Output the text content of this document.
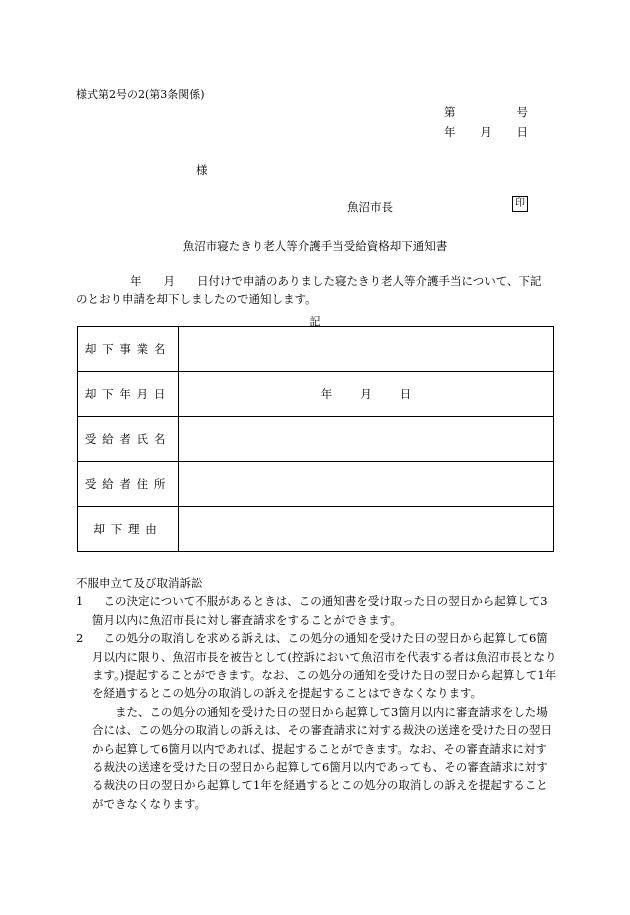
様式第2号の2(第3条関係)
第	号
年 月 日
様
魚沼市長	印
魚沼市寝たきり老人等介護手当受給資格却下通知書
年 月 日付けで申請のありました寝たきり老人等介護手当について、下記
のとおり申請を却下しましたので通知します。
記
却下事業名	
却下年月日	年 月 日

受給者氏名	
受給者住所	
却下理由	
不服申立て及び取消訴訟
1	この決定について不服があるときは、この通知書を受け取った日の翌日から起算して3箇月以内に魚沼市長に対し審査請求をすることができます。
2	この処分の取消しを求める訴えは、この処分の通知を受けた日の翌日から起算して6箇月以内に限り、魚沼市長を被告として(控訴において魚沼市を代表する者は魚沼市長となります。)提起することができます。なお、この処分の通知を受けた日の翌日から起算して1年を経過するとこの処分の取消しの訴えを提起することはできなくなります。
また、この処分の通知を受けた日の翌日から起算して3箇月以内に審査請求をした場合には、この処分の取消しの訴えは、その審査請求に対する裁決の送達を受けた日の翌日から起算して6箇月以内であれば、提起することができます。なお、その審査請求に対する裁決の送達を受けた日の翌日から起算して6箇月以内であっても、その審査請求に対する裁決の日の翌日から起算して1年を経過するとこの処分の取消しの訴えを提起することができなくなります。
